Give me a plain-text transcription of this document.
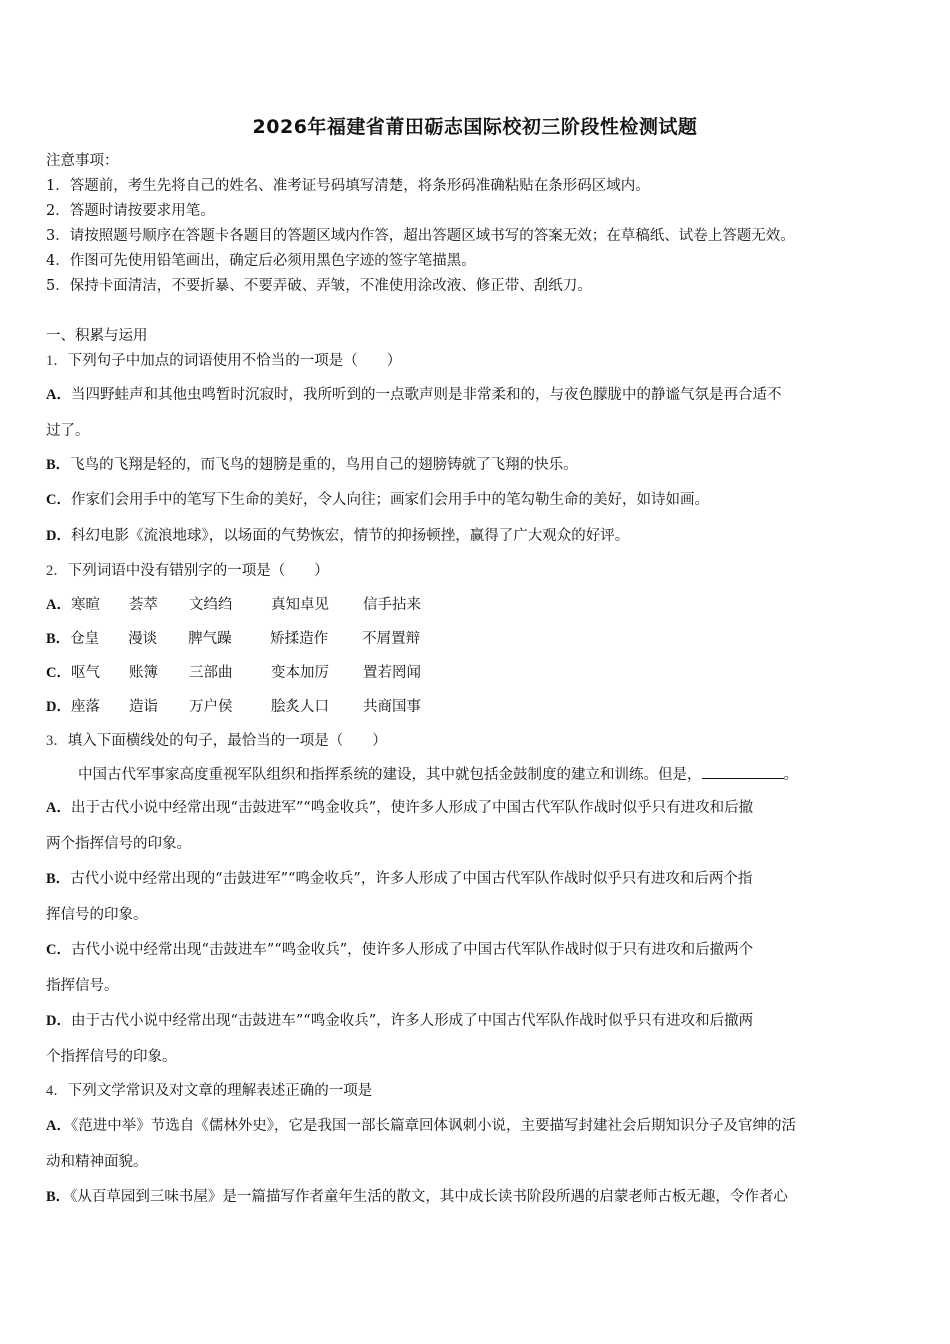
2026年福建省莆田砺志国际校初三阶段性检测试题
注意事项：
1．答题前，考生先将自己的姓名、准考证号码填写清楚，将条形码准确粘贴在条形码区域内。
2．答题时请按要求用笔。
3．请按照题号顺序在答题卡各题目的答题区域内作答，超出答题区域书写的答案无效；在草稿纸、试卷上答题无效。
4．作图可先使用铅笔画出，确定后必须用黑色字迹的签字笔描黑。
5．保持卡面清洁，不要折暴、不要弄破、弄皱，不准使用涂改液、修正带、刮纸刀。
一、积累与运用
1．下列句子中加点的词语使用不恰当的一项是（　　）
A．当四野蛙声和其他虫鸣暂时沉寂时，我所听到的一点歌声则是非常柔和的，与夜色朦胧中的静谧气氛是再合适不
过了。
B．飞鸟的飞翔是轻的，而飞鸟的翅膀是重的，鸟用自己的翅膀铸就了飞翔的快乐。
C．作家们会用手中的笔写下生命的美好，令人向往；画家们会用手中的笔勾勒生命的美好，如诗如画。
D．科幻电影《流浪地球》，以场面的气势恢宏，情节的抑扬顿挫，赢得了广大观众的好评。
2．下列词语中没有错别字的一项是（　　）
A．寒暄 荟萃 文绉绉	真知卓见 信手拈来
B．仓皇 漫谈 脾气躁	矫揉造作 不屑置辩
C．呕气 账簿 三部曲	变本加厉 置若罔闻
D．座落 造诣 万户侯	脍炙人口 共商国事
3．填入下面横线处的句子，最恰当的一项是（　　）
中国古代军事家高度重视军队组织和指挥系统的建设，其中就包括金鼓制度的建立和训练。但是，	。
A．出于古代小说中经常出现“击鼓进军”“鸣金收兵”，使许多人形成了中国古代军队作战时似乎只有进攻和后撤
两个指挥信号的印象。
B．古代小说中经常出现的“击鼓进军”“鸣金收兵”，许多人形成了中国古代军队作战时似乎只有进攻和后两个指
挥信号的印象。
C．古代小说中经常出现“击鼓进车”“鸣金收兵”，使许多人形成了中国古代军队作战时似于只有进攻和后撤两个
指挥信号。
D．由于古代小说中经常出现“击鼓进车”“鸣金收兵”，许多人形成了中国古代军队作战时似乎只有进攻和后撤两
个指挥信号的印象。
4．下列文学常识及对文章的理解表述正确的一项是
A．《范进中举》节选自《儒林外史》，它是我国一部长篇章回体讽刺小说，主要描写封建社会后期知识分子及官绅的活
动和精神面貌。
B．《从百草园到三味书屋》是一篇描写作者童年生活的散文，其中成长读书阶段所遇的启蒙老师古板无趣，令作者心
